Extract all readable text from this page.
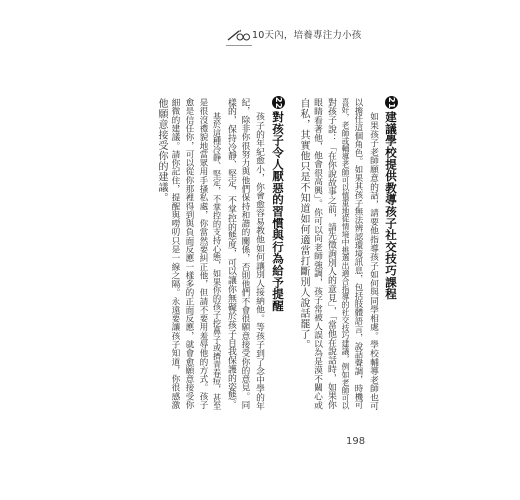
10天內，培養專注力小孩
21建議學校提供教導孩子社交技巧課程
如果孩子老師願意的話，請要他指導孩子如何與同學相處。學校輔導老師也可
以擔任這個角色。如果其孩子無法辨認環境訊息，包括肢體語言，說話聲調，時機可
喜好，老師或輔導老師可以慎重地從情境中挑選出適合指導的社交技巧建議，例如老師可以
對孩子說：「在你說故事之前，請先徵詢別人的意見」，「當他在說話時，如果你
眼睛看著他，他會很高興」。你可以向老師強調，孩子常被人誤以為是漠不關心或
自私，其實他只是不知道如何適當打斷別人說話罷了。
22對孩子令人厭惡的習慣與行為給予提醒
孩子的年紀愈小，你會愈容易教他如何讓別人接納他。等孩子到了念中學的年
紀，除非你很努力與他們保持和諧的關係，否則他們不會很願意接受你的意見。同
樣的，保持冷靜、堅定，不掌控的態度，可以讓你無礙於孩子自我保護的姿態。
基於這種冷靜、堅定，不掌控的支持心態，如果你的孩子挖鼻子或擠青春痘，甚至
是很沒禮貌地當眾用手搔私處，你當然要糾正他，但請不要用羞辱他的方式。孩子
愈是信任你，可以從你那裡得到與負面反應一樣多的正面反應，就會愈願意接受你
細微的建議。請你記住，提醒與嘮叨只是一線之隔。永遠要讓孩子知道，你很感激
他願意接受你的建議。
198
